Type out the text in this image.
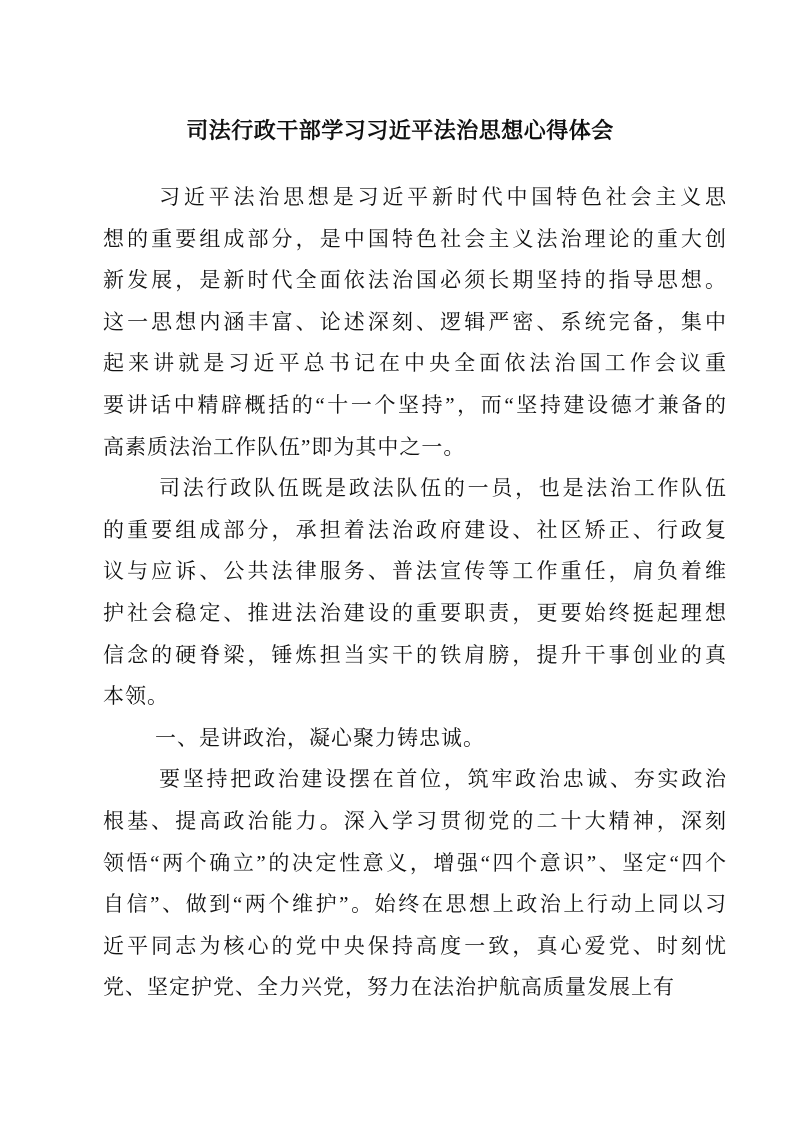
司法行政干部学习习近平法治思想心得体会
习近平法治思想是习近平新时代中国特色社会主义思
想的重要组成部分，是中国特色社会主义法治理论的重大创
新发展，是新时代全面依法治国必须长期坚持的指导思想。
这一思想内涵丰富、论述深刻、逻辑严密、系统完备，集中
起来讲就是习近平总书记在中央全面依法治国工作会议重
要讲话中精辟概括的“十一个坚持”，而“坚持建设德才兼备的
高素质法治工作队伍”即为其中之一。
司法行政队伍既是政法队伍的一员，也是法治工作队伍
的重要组成部分，承担着法治政府建设、社区矫正、行政复
议与应诉、公共法律服务、普法宣传等工作重任，肩负着维
护社会稳定、推进法治建设的重要职责，更要始终挺起理想
信念的硬脊梁，锤炼担当实干的铁肩膀，提升干事创业的真
本领。
一、是讲政治，凝心聚力铸忠诚。
要坚持把政治建设摆在首位，筑牢政治忠诚、夯实政治
根基、提高政治能力。深入学习贯彻党的二十大精神，深刻
领悟“两个确立”的决定性意义，增强“四个意识”、坚定“四个
自信”、做到“两个维护”。始终在思想上政治上行动上同以习
近平同志为核心的党中央保持高度一致，真心爱党、时刻忧
党、坚定护党、全力兴党，努力在法治护航高质量发展上有
